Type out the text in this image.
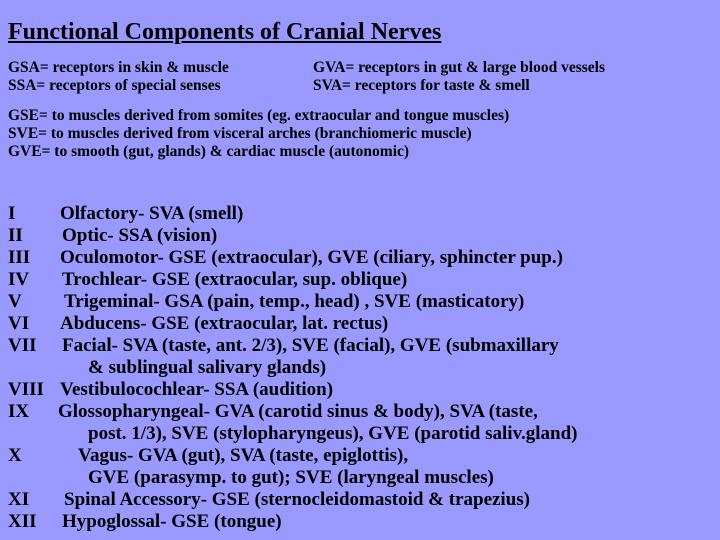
Functional Components of Cranial Nerves
GSA= receptors in skin & muscle
SSA= receptors of special senses
GVA= receptors in gut & large blood vessels
SVA= receptors for taste & smell
GSE= to muscles derived from somites (eg. extraocular and tongue muscles)
SVE= to muscles derived from visceral arches (branchiomeric muscle)
GVE= to smooth (gut, glands) & cardiac muscle (autonomic)
I	Olfactory- SVA (smell)
II	Optic- SSA (vision)
III	Oculomotor- GSE (extraocular), GVE (ciliary, sphincter pup.)
IV	Trochlear- GSE (extraocular, sup. oblique)
V	Trigeminal- GSA (pain, temp., head) , SVE (masticatory)
VI	Abducens- GSE (extraocular, lat. rectus)
VII	Facial- SVA (taste, ant. 2/3), SVE (facial), GVE (submaxillary
& sublingual salivary glands)
VIII Vestibulocochlear- SSA (audition)
IX	Glossopharyngeal- GVA (carotid sinus & body), SVA (taste,
post. 1/3), SVE (stylopharyngeus), GVE (parotid saliv.gland)
X	Vagus- GVA (gut), SVA (taste, epiglottis),
GVE (parasymp. to gut); SVE (laryngeal muscles)
XI	Spinal Accessory- GSE (sternocleidomastoid & trapezius)
XII	Hypoglossal- GSE (tongue)
